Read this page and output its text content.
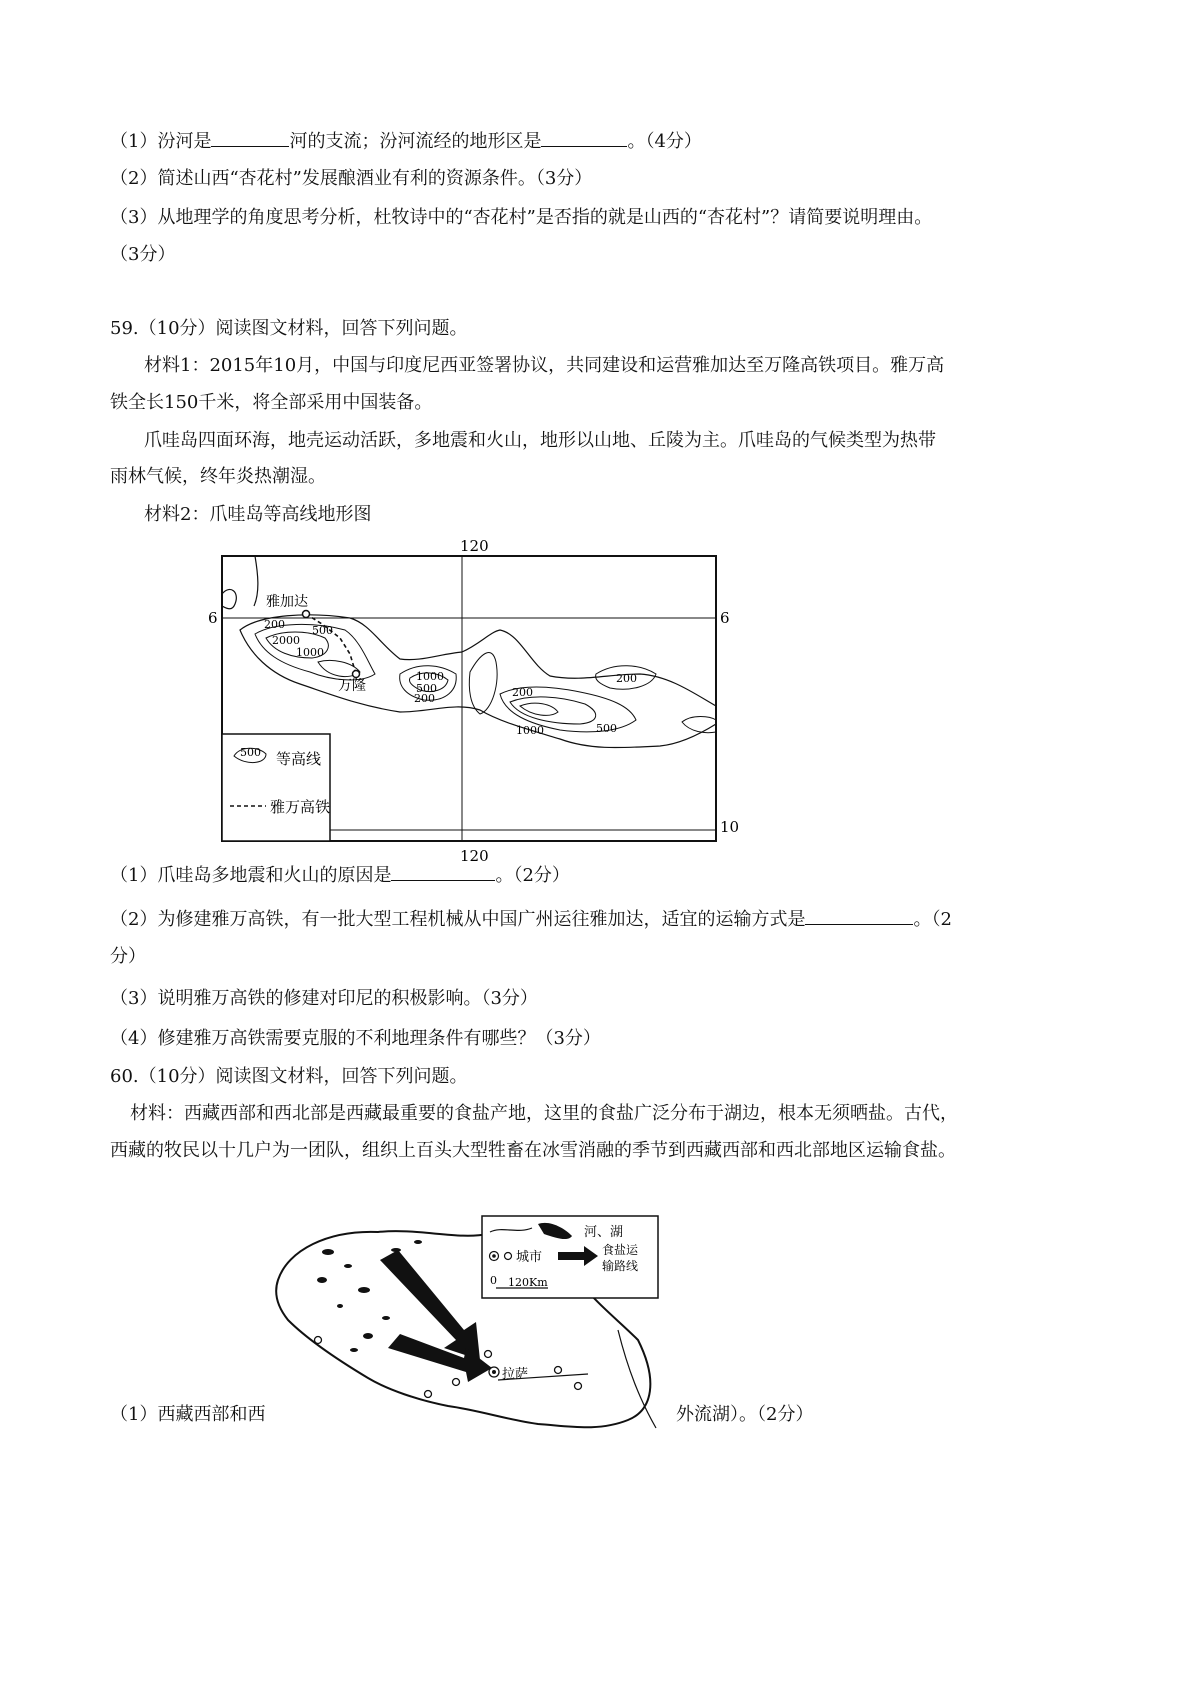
（1）汾河是	河的支流；汾河流经的地形区是	。（4分）
（2）简述山西“杏花村”发展酿酒业有利的资源条件。（3分）
（3）从地理学的角度思考分析，杜牧诗中的“杏花村”是否指的就是山西的“杏花村”？请简要说明理由。
（3分）
59.（10分）阅读图文材料，回答下列问题。
材料1：2015年10月，中国与印度尼西亚签署协议，共同建设和运营雅加达至万隆高铁项目。雅万高
铁全长150千米，将全部采用中国装备。
爪哇岛四面环海，地壳运动活跃，多地震和火山，地形以山地、丘陵为主。爪哇岛的气候类型为热带
雨林气候，终年炎热潮湿。
材料2：爪哇岛等高线地形图
120
120
6	6
10
雅加达
万隆
200
2000
500
1000
1000
500
200	200
1000	500
200
500 等高线
雅万高铁
（1）爪哇岛多地震和火山的原因是	。（2分）
（2）为修建雅万高铁，有一批大型工程机械从中国广州运往雅加达，适宜的运输方式是	。（2
分）
（3）说明雅万高铁的修建对印尼的积极影响。（3分）
（4）修建雅万高铁需要克服的不利地理条件有哪些？（3分）
60.（10分）阅读图文材料，回答下列问题。
材料：西藏西部和西北部是西藏最重要的食盐产地，这里的食盐广泛分布于湖边，根本无须晒盐。古代，
西藏的牧民以十几户为一团队，组织上百头大型牲畜在冰雪消融的季节到西藏西部和西北部地区运输食盐。
拉萨
河、湖
城市	食盐运
输路线
0 120Km
（1）西藏西部和西	外流湖）。（2分）
